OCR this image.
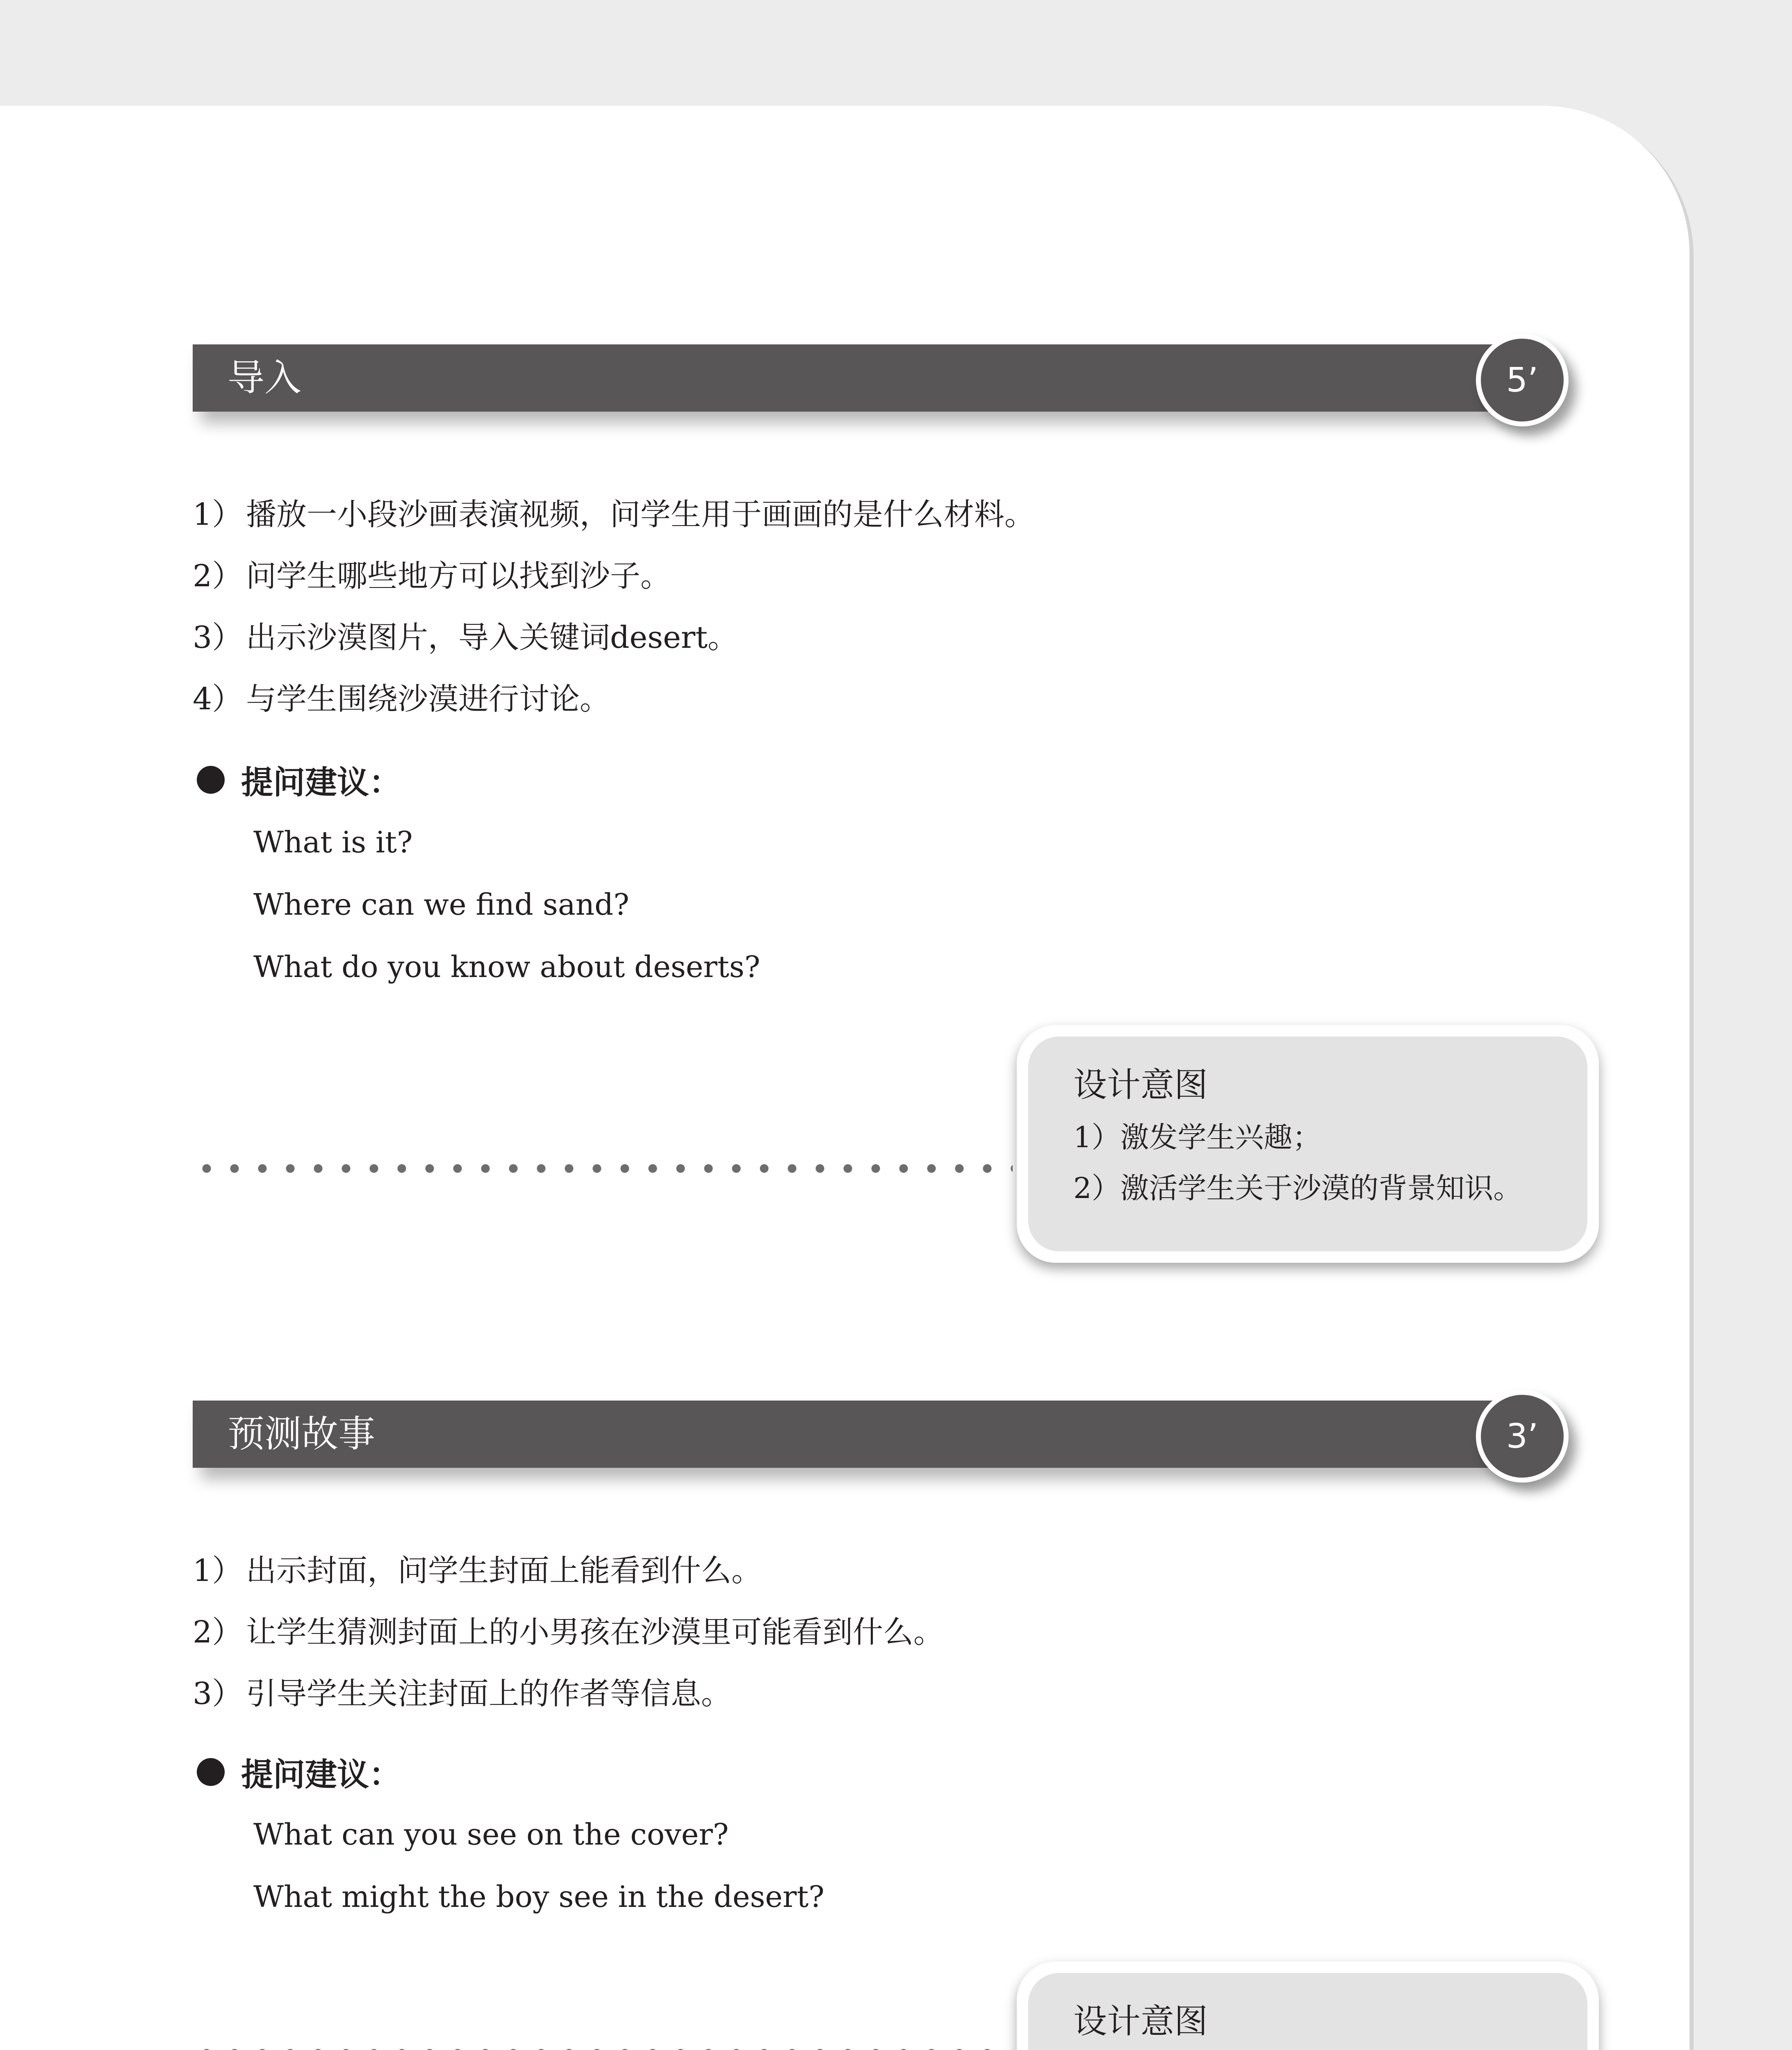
导入	5’
1） 播放一小段沙画表演视频，问学生用于画画的是什么材料。
2） 问学生哪些地方可以找到沙子。
3） 出示沙漠图片，导入关键词desert。
4） 与学生围绕沙漠进行讨论。
提问建议：
What is it?
Where can we find sand?
What do you know about deserts?
设计意图
1）激发学生兴趣；
2）激活学生关于沙漠的背景知识。
预测故事	3’
1） 出示封面，问学生封面上能看到什么。
2） 让学生猜测封面上的小男孩在沙漠里可能看到什么。
3） 引导学生关注封面上的作者等信息。
提问建议：
What can you see on the cover?
What might the boy see in the desert?
设计意图
